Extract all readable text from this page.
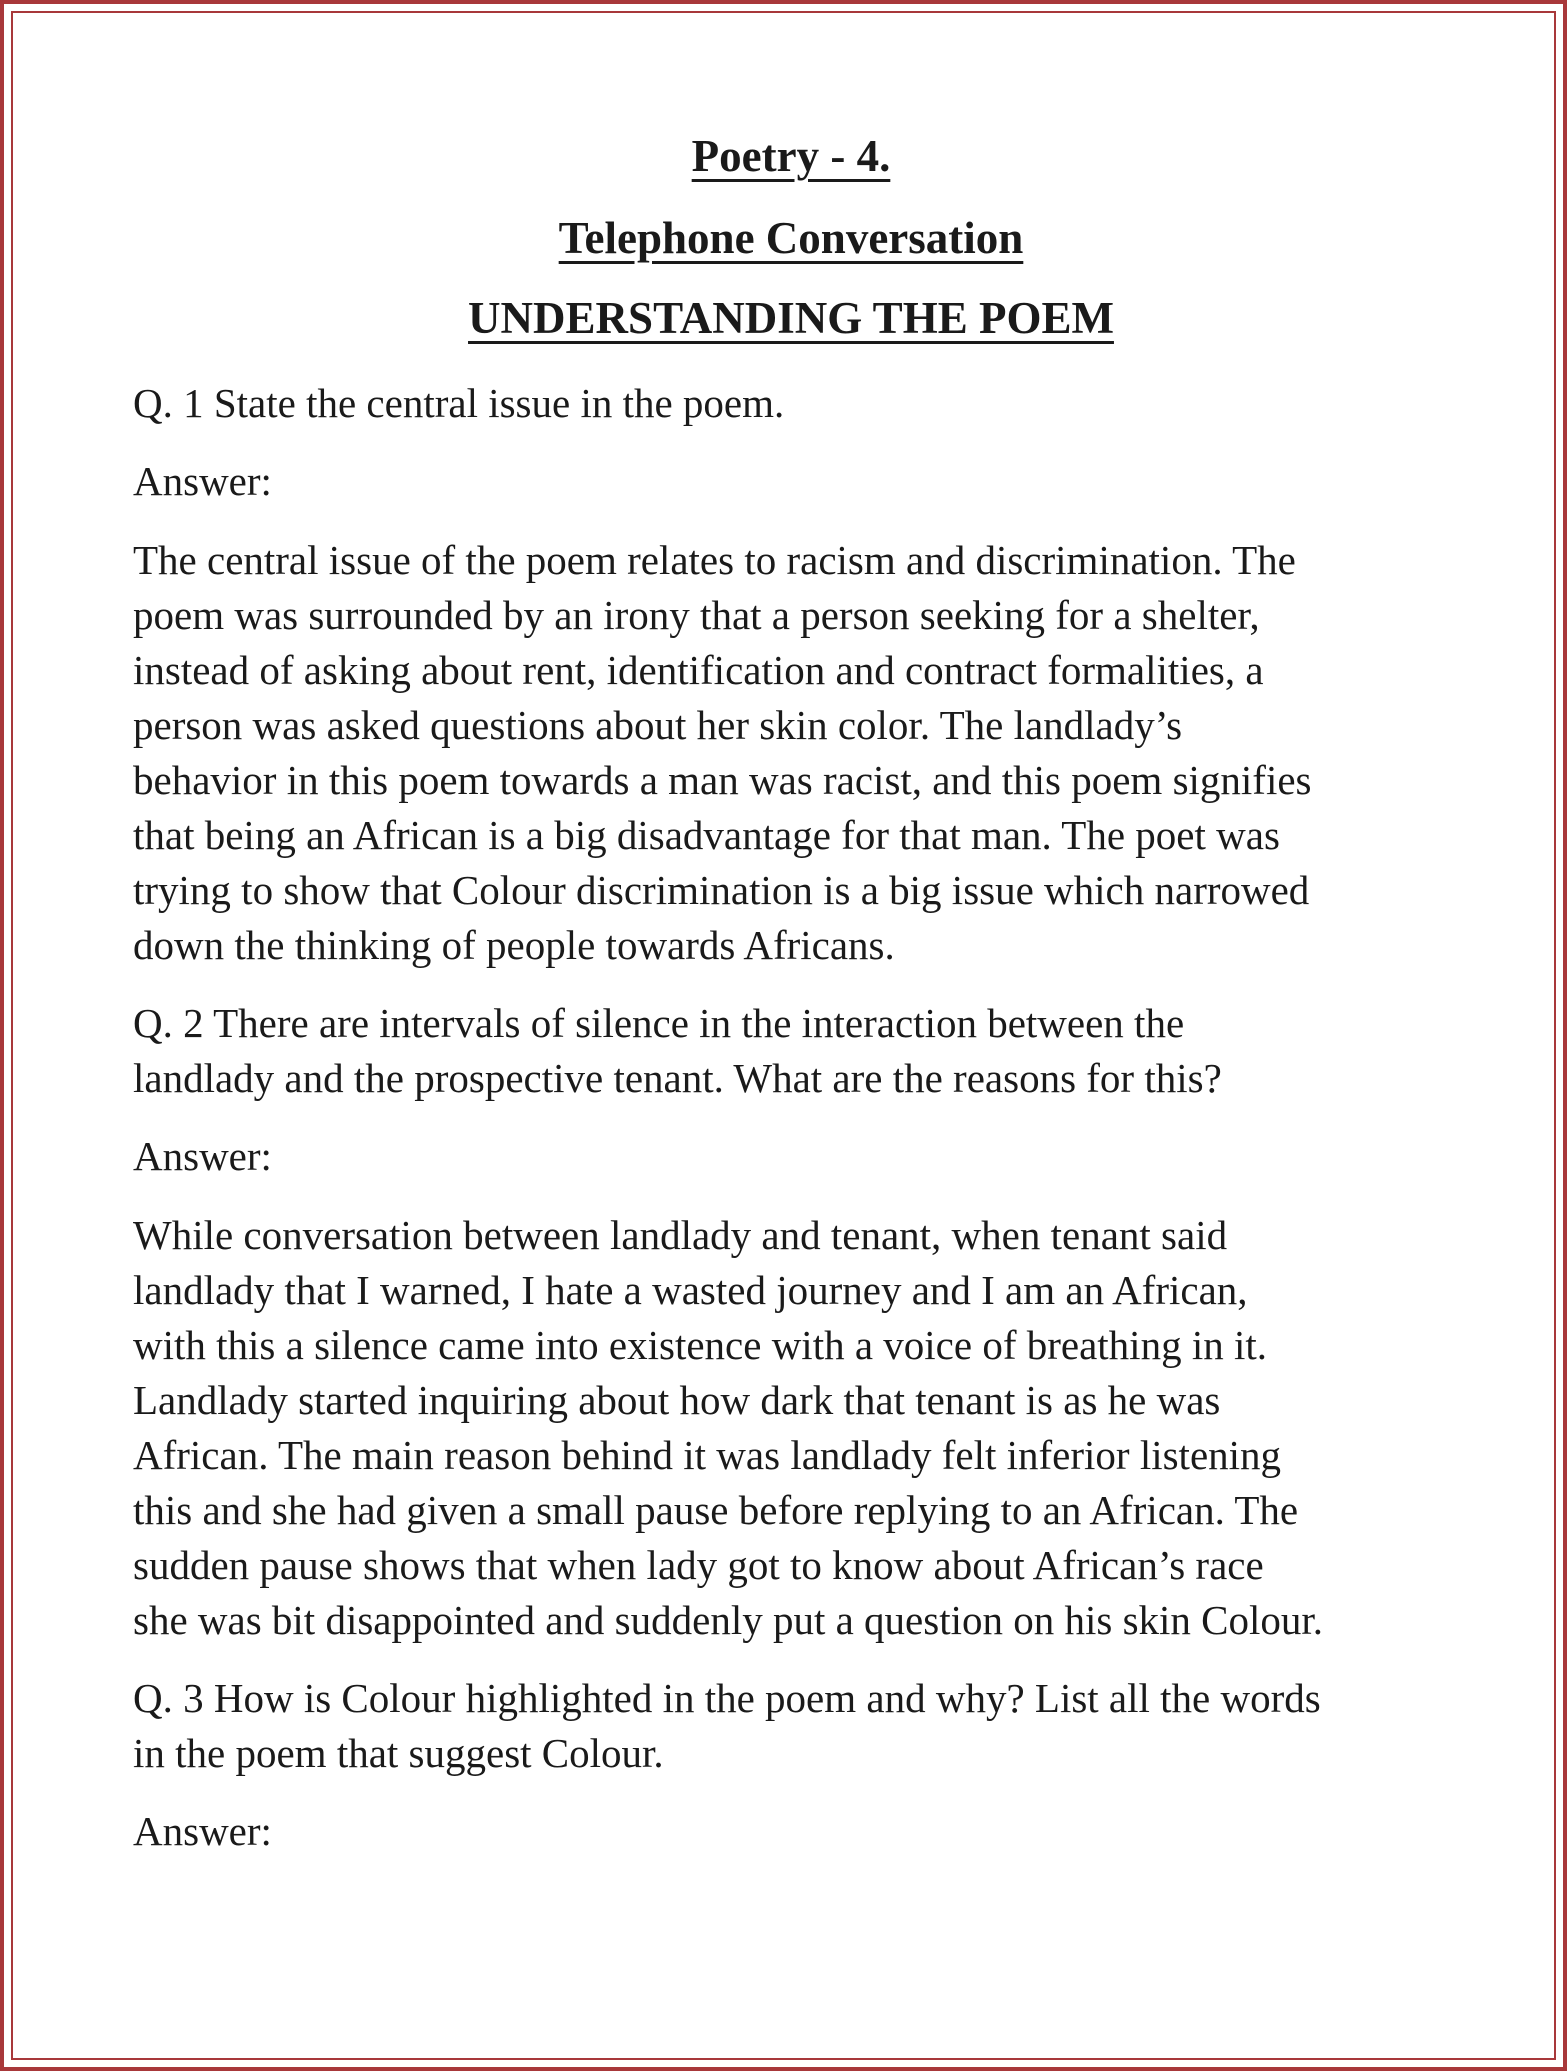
Poetry - 4.
Telephone Conversation
UNDERSTANDING THE POEM
Q. 1 State the central issue in the poem.
Answer:
The central issue of the poem relates to racism and discrimination. The
poem was surrounded by an irony that a person seeking for a shelter,
instead of asking about rent, identification and contract formalities, a
person was asked questions about her skin color. The landlady’s
behavior in this poem towards a man was racist, and this poem signifies
that being an African is a big disadvantage for that man. The poet was
trying to show that Colour discrimination is a big issue which narrowed
down the thinking of people towards Africans.
Q. 2 There are intervals of silence in the interaction between the
landlady and the prospective tenant. What are the reasons for this?
Answer:
While conversation between landlady and tenant, when tenant said
landlady that I warned, I hate a wasted journey and I am an African,
with this a silence came into existence with a voice of breathing in it.
Landlady started inquiring about how dark that tenant is as he was
African. The main reason behind it was landlady felt inferior listening
this and she had given a small pause before replying to an African. The
sudden pause shows that when lady got to know about African’s race
she was bit disappointed and suddenly put a question on his skin Colour.
Q. 3 How is Colour highlighted in the poem and why? List all the words
in the poem that suggest Colour.
Answer:
